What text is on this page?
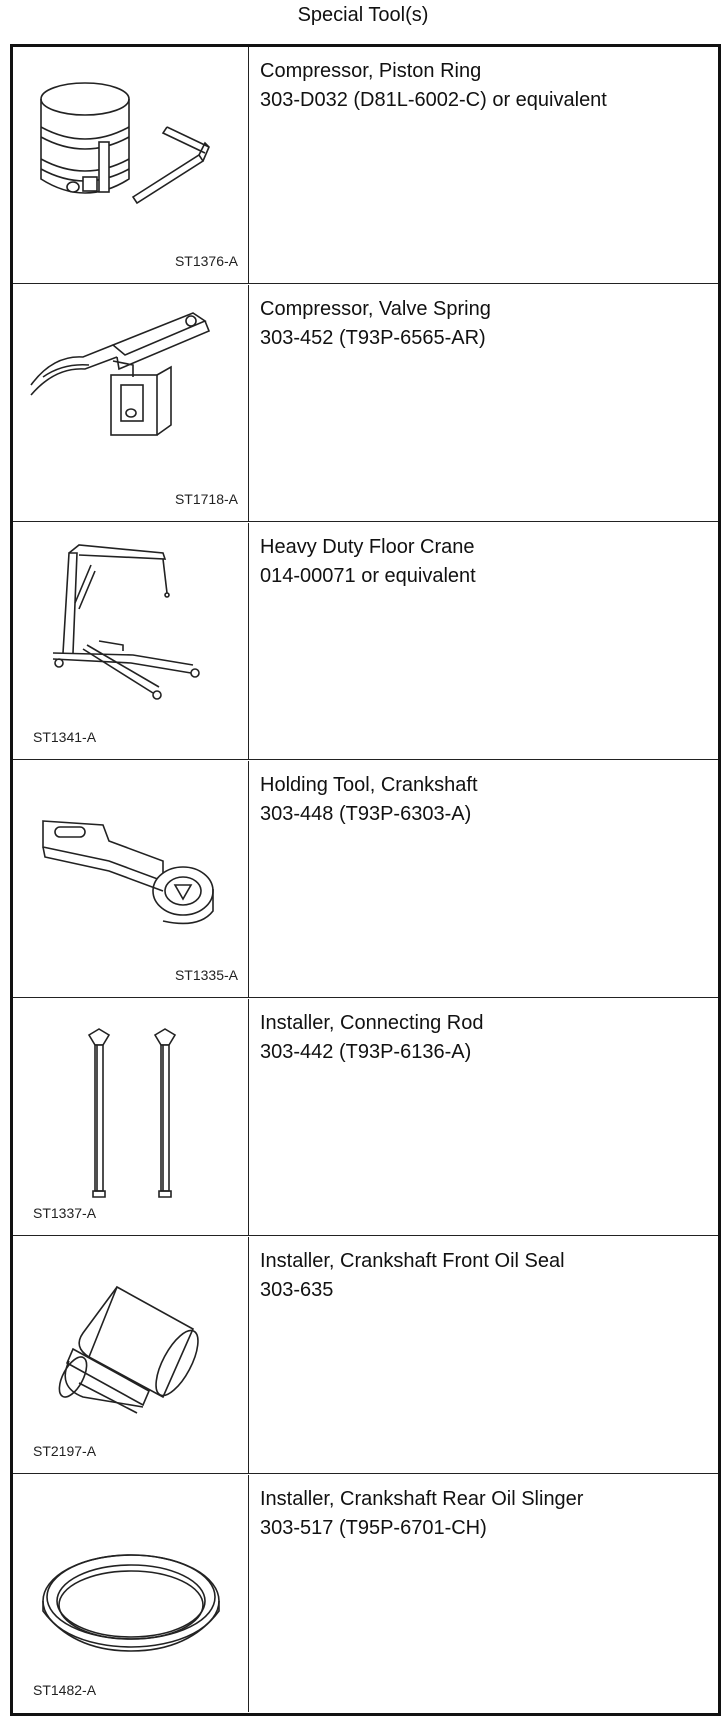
Special Tool(s)
ST1376-A
Compressor, Piston Ring
303-D032 (D81L-6002-C) or equivalent
ST1718-A
Compressor, Valve Spring
303-452 (T93P-6565-AR)
ST1341-A
Heavy Duty Floor Crane
014-00071 or equivalent
ST1335-A
Holding Tool, Crankshaft
303-448 (T93P-6303-A)
ST1337-A
Installer, Connecting Rod
303-442 (T93P-6136-A)
ST2197-A
Installer, Crankshaft Front Oil Seal
303-635
ST1482-A
Installer, Crankshaft Rear Oil Slinger
303-517 (T95P-6701-CH)
